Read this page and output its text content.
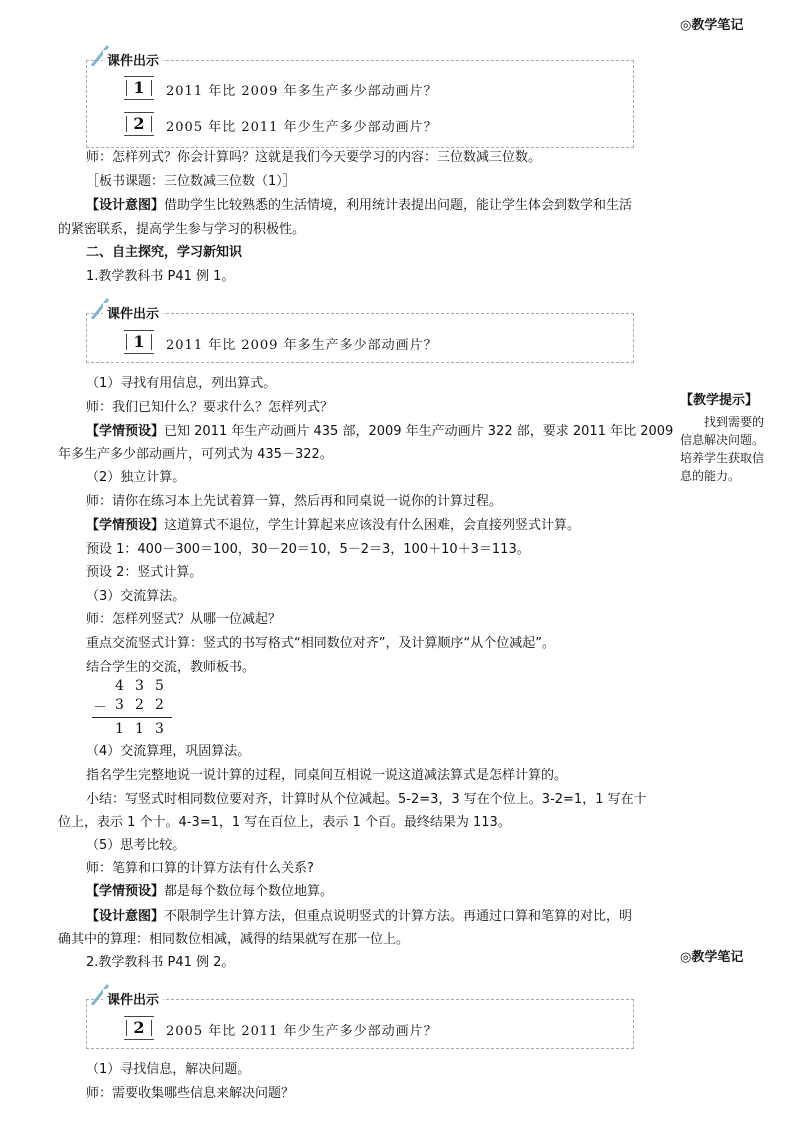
◎教学笔记
课件出示
1	2011 年比 2009 年多生产多少部动画片？
2	2005 年比 2011 年少生产多少部动画片？
师：怎样列式？你会计算吗？这就是我们今天要学习的内容：三位数减三位数。
［板书课题：三位数减三位数（1）］
【设计意图】借助学生比较熟悉的生活情境，利用统计表提出问题，能让学生体会到数学和生活
的紧密联系，提高学生参与学习的积极性。
二、自主探究，学习新知识
1.教学教科书 P41 例 1。
课件出示
1	2011 年比 2009 年多生产多少部动画片？
（1）寻找有用信息，列出算式。
师：我们已知什么？要求什么？怎样列式？
【学情预设】已知 2011 年生产动画片 435 部，2009 年生产动画片 322 部，要求 2011 年比 2009
年多生产多少部动画片，可列式为 435－322。
（2）独立计算。
师：请你在练习本上先试着算一算，然后再和同桌说一说你的计算过程。
【学情预设】这道算式不退位，学生计算起来应该没有什么困难，会直接列竖式计算。
预设 1：400－300＝100，30－20＝10，5－2＝3，100＋10＋3＝113。
预设 2：竖式计算。
（3）交流算法。
师：怎样列竖式？从哪一位减起？
重点交流竖式计算：竖式的书写格式“相同数位对齐”，及计算顺序“从个位减起”。
结合学生的交流，教师板书。
4 3 5
－ 3 2 2
1 1 3
（4）交流算理，巩固算法。
指名学生完整地说一说计算的过程，同桌间互相说一说这道减法算式是怎样计算的。
小结：写竖式时相同数位要对齐，计算时从个位减起。5-2=3，3 写在个位上。3-2=1，1 写在十
位上，表示 1 个十。4-3=1，1 写在百位上，表示 1 个百。最终结果为 113。
（5）思考比较。
师：笔算和口算的计算方法有什么关系?
【学情预设】都是每个数位每个数位地算。
【设计意图】不限制学生计算方法，但重点说明竖式的计算方法。再通过口算和笔算的对比，明
确其中的算理：相同数位相减，减得的结果就写在那一位上。
2.教学教科书 P41 例 2。	◎教学笔记
课件出示
2	2005 年比 2011 年少生产多少部动画片？
（1）寻找信息，解决问题。
师：需要收集哪些信息来解决问题？
【教学提示】
找到需要的信息解决问题。培养学生获取信息的能力。
